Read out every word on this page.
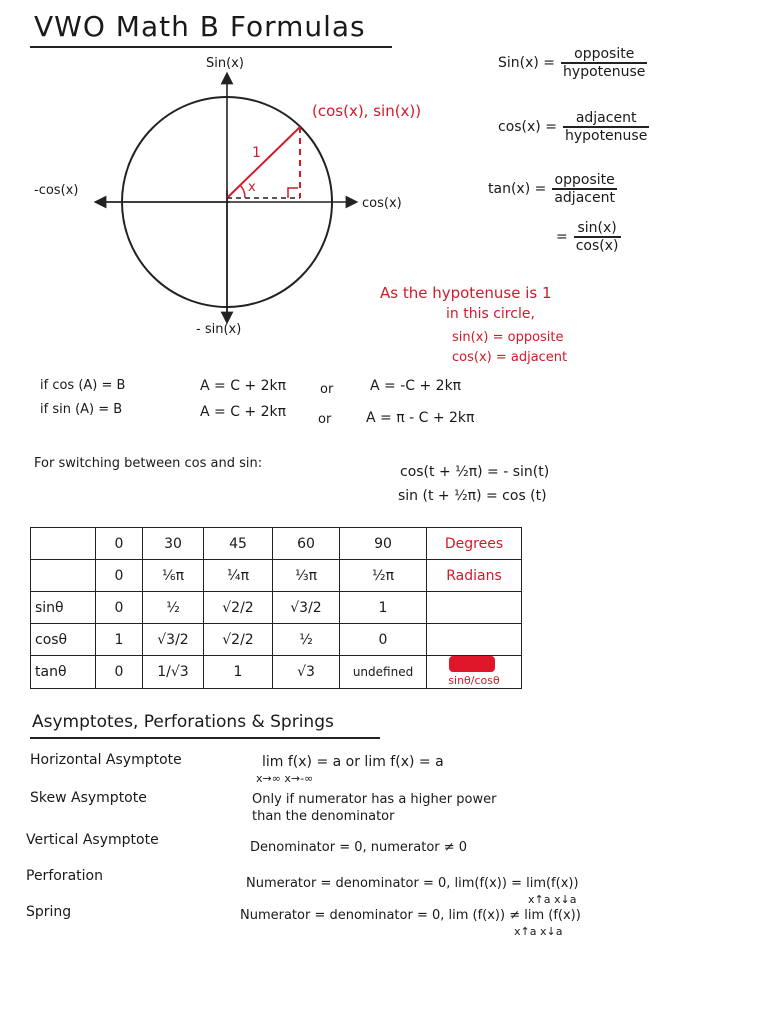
VWO Math B Formulas
Sin(x)
cos(x)
-cos(x)
- sin(x)
(cos(x), sin(x))
1
x
$Sin(x) = \frac{\text{opposite}}{\text{hypotenuse}}$
$\cos(x) = \frac{\text{adjacent}}{\text{hypotenuse}}$
$\tan(x) = \frac{\text{opposite}}{\text{adjacent}}$
= $\frac{\sin(x)}{\cos(x)}$
As the hypotenuse is 1
in this circle,
sin(x) = opposite
cos(x) = adjacent
if cos (A) = B	A = C + 2kπ	or	A = -C + 2kπ
if sin (A) = B	A = C + 2kπ or A = π - C + 2kπ
For switching between cos and sin:
cos(t + ½π) = - sin(t)
sin (t + ½π) = cos (t)
	0	30	45	60	90	Degrees
	0	⅙π	¼π	⅓π	½π	Radians
sinθ	0	½	√2/2	√3/2	1	
cosθ	1	√3/2	√2/2	½	0	
tanθ	0	1/√3	1	√3	undefined	sinθ/cosθ
Asymptotes, Perforations & Springs
Horizontal Asymptote	lim f(x) = a or lim f(x) = a
x→∞ x→-∞
Skew Asymptote	Only if numerator has a higher power
than the denominator
Vertical Asymptote	Denominator = 0, numerator ≠ 0
Perforation	Numerator = denominator = 0, lim(f(x)) = lim(f(x))
x↑a x↓a
Spring	Numerator = denominator = 0, lim (f(x)) ≠ lim (f(x))
x↑a x↓a
